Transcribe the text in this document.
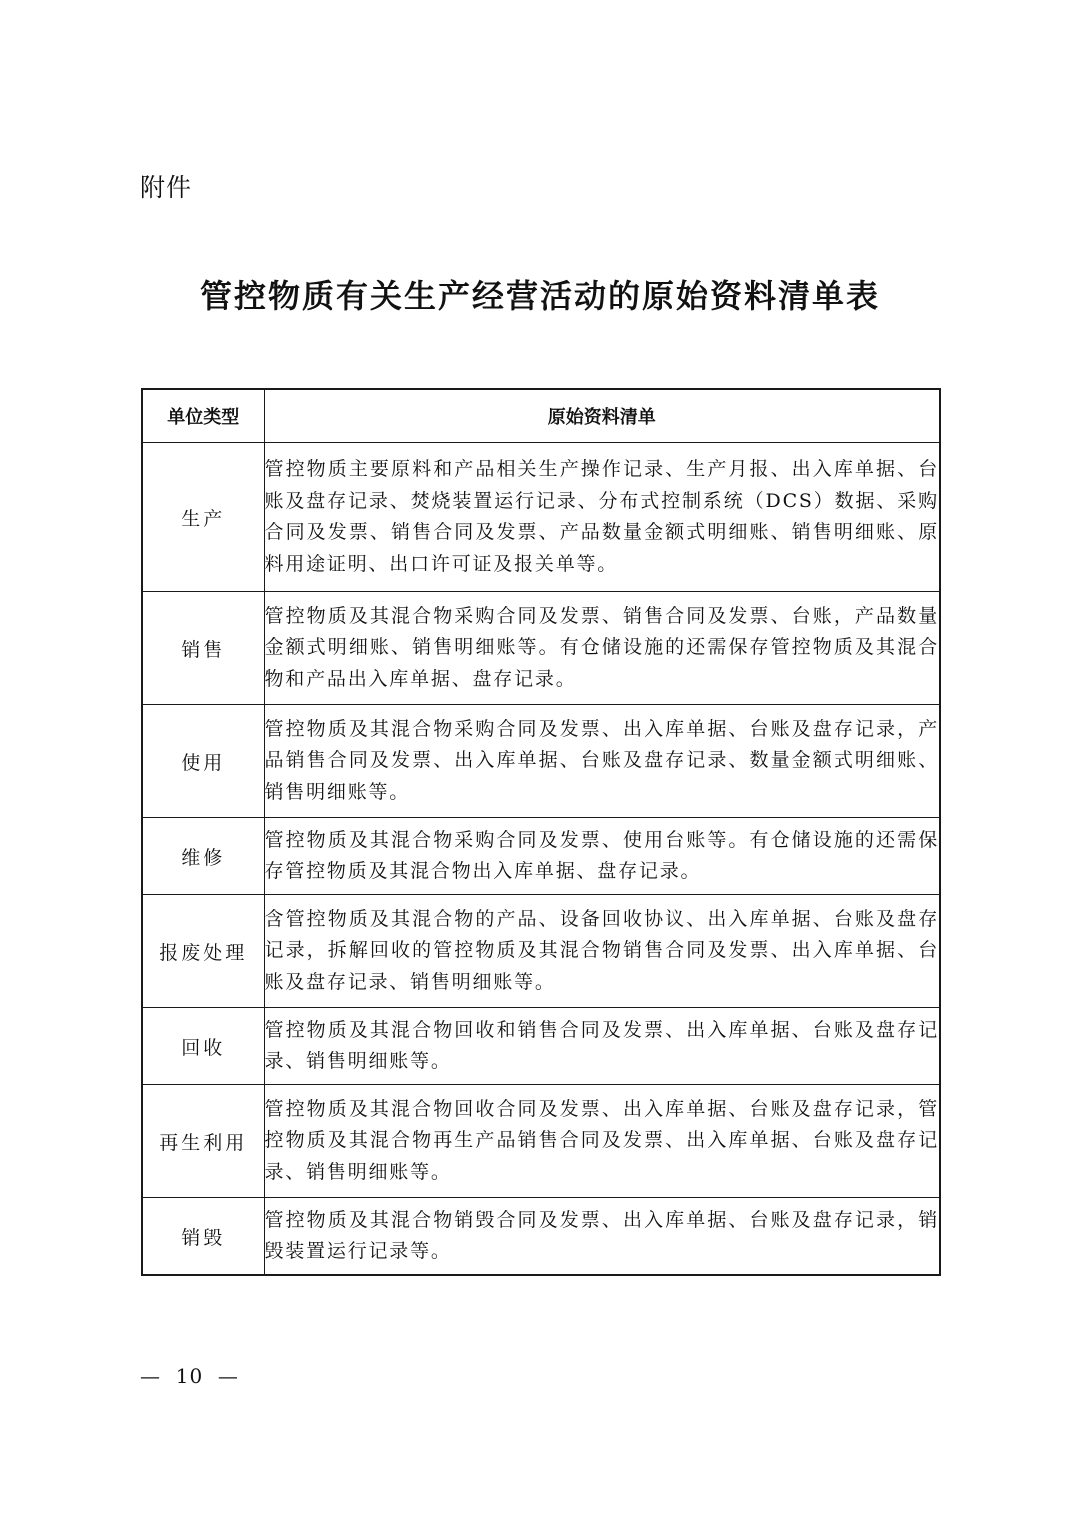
附件
管控物质有关生产经营活动的原始资料清单表
单位类型	原始资料清单
生产	管控物质主要原料和产品相关生产操作记录、生产月报、出入库单据、台账及盘存记录、焚烧装置运行记录、分布式控制系统（DCS）数据、采购合同及发票、销售合同及发票、产品数量金额式明细账、销售明细账、原料用途证明、出口许可证及报关单等。
销售	管控物质及其混合物采购合同及发票、销售合同及发票、台账，产品数量金额式明细账、销售明细账等。有仓储设施的还需保存管控物质及其混合物和产品出入库单据、盘存记录。
使用	管控物质及其混合物采购合同及发票、出入库单据、台账及盘存记录，产品销售合同及发票、出入库单据、台账及盘存记录、数量金额式明细账、销售明细账等。
维修	管控物质及其混合物采购合同及发票、使用台账等。有仓储设施的还需保存管控物质及其混合物出入库单据、盘存记录。
报废处理	含管控物质及其混合物的产品、设备回收协议、出入库单据、台账及盘存记录，拆解回收的管控物质及其混合物销售合同及发票、出入库单据、台账及盘存记录、销售明细账等。
回收	管控物质及其混合物回收和销售合同及发票、出入库单据、台账及盘存记录、销售明细账等。
再生利用	管控物质及其混合物回收合同及发票、出入库单据、台账及盘存记录，管控物质及其混合物再生产品销售合同及发票、出入库单据、台账及盘存记录、销售明细账等。
销毁	管控物质及其混合物销毁合同及发票、出入库单据、台账及盘存记录，销毁装置运行记录等。
—  10  —
